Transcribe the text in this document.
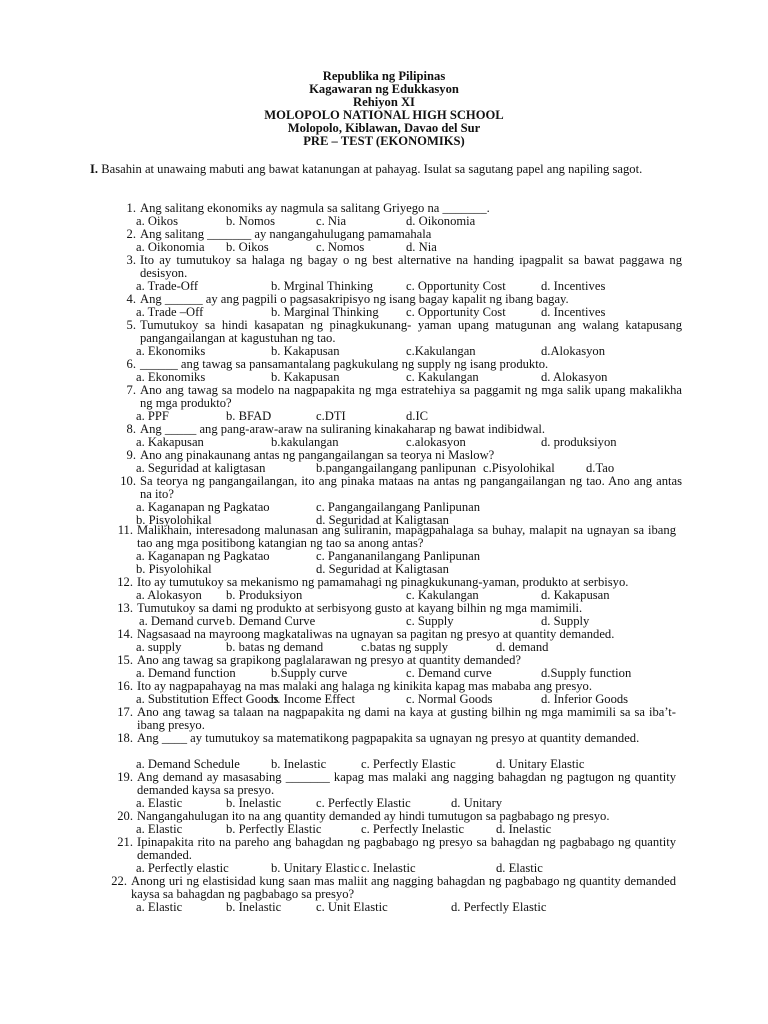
Republika ng Pilipinas
Kagawaran ng Edukkasyon
Rehiyon XI
MOLOPOLO NATIONAL HIGH SCHOOL
Molopolo, Kiblawan, Davao del Sur
PRE – TEST (EKONOMIKS)
I. Basahin at unawaing mabuti ang bawat katanungan at pahayag. Isulat sa sagutang papel ang napiling sagot.
1. Ang salitang ekonomiks ay nagmula sa salitang Griyego na _______.
a. Oikos	b. Nomos	c. Nia	d. Oikonomia
2. Ang salitang _______ ay nangangahulugang pamamahala
a. Oikonomia b. Oikos	c. Nomos	d. Nia
3. Ito ay tumutukoy sa halaga ng bagay o ng best alternative na handing ipagpalit sa bawat paggawa ng desisyon.
a. Trade-Off	b. Mrginal Thinking	c. Opportunity Cost	d. Incentives
4. Ang ______ ay ang pagpili o pagsasakripisyo ng isang bagay kapalit ng ibang bagay.
a. Trade –Off	b. Marginal Thinking c. Opportunity Cost	d. Incentives
5. Tumutukoy sa hindi kasapatan ng pinagkukunang- yaman upang matugunan ang walang katapusang pangangailangan at kagustuhan ng tao.
a. Ekonomiks	b. Kakapusan	c.Kakulangan	d.Alokasyon
6. ______ ang tawag sa pansamantalang pagkukulang ng supply ng isang produkto.
a. Ekonomiks	b. Kakapusan	c. Kakulangan	d. Alokasyon
7. Ano ang tawag sa modelo na nagpapakita ng mga estratehiya sa paggamit ng mga salik upang makalikha ng mga produkto?
a. PPF	b. BFAD	c.DTI	d.IC
8. Ang _____ ang pang-araw-araw na suliraning kinakaharap ng bawat indibidwal.
a. Kakapusan	b.kakulangan	c.alokasyon	d. produksiyon
9. Ano ang pinakaunang antas ng pangangailangan sa teorya ni Maslow?
a. Seguridad at kaligtasan	b.pangangailangang panlipunan c.Pisyolohikal d.Tao
10. Sa teorya ng pangangailangan, ito ang pinaka mataas na antas ng pangangailangan ng tao. Ano ang antas na ito?
a. Kaganapan ng Pagkatao	c. Pangangailangang Panlipunan
b. Pisyolohikal	d. Seguridad at Kaligtasan
11. Malikhain, interesadong malunasan ang suliranin, mapagpahalaga sa buhay, malapit na ugnayan sa ibang tao ang mga positibong katangian ng tao sa anong antas?
a. Kaganapan ng Pagkatao	c. Pangananilangang Panlipunan
b. Pisyolohikal	d. Seguridad at Kaligtasan
12. Ito ay tumutukoy sa mekanismo ng pamamahagi ng pinagkukunang-yaman, produkto at serbisyo.
a. Alokasyon b. Produksiyon	c. Kakulangan	d. Kakapusan
13. Tumutukoy sa dami ng produkto at serbisyong gusto at kayang bilhin ng mga mamimili.
a. Demand curve b. Demand Curve	c. Supply	d. Supply
14. Nagsasaad na mayroong magkataliwas na ugnayan sa pagitan ng presyo at quantity demanded.
a. supply	b. batas ng demand	c.batas ng supply	d. demand
15. Ano ang tawag sa grapikong paglalarawan ng presyo at quantity demanded?
a. Demand function	b.Supply curve	c. Demand curve	d.Supply function
16. Ito ay nagpapahayag na mas malaki ang halaga ng kinikita kapag mas mababa ang presyo.
a. Substitution Effect Goods
b. Income Effect	c. Normal Goods	d. Inferior Goods
17. Ano ang tawag sa talaan na nagpapakita ng dami na kaya at gusting bilhin ng mga mamimili sa sa iba’t-ibang presyo.
18. Ang ____ ay tumutukoy sa matematikong pagpapakita sa ugnayan ng presyo at quantity demanded.
a. Demand Schedule b. Inelastic	c. Perfectly Elastic	d. Unitary Elastic
19. Ang demand ay masasabing _______ kapag mas malaki ang nagging bahagdan ng pagtugon ng quantity demanded kaysa sa presyo.
a. Elastic	b. Inelastic	c. Perfectly Elastic	d. Unitary
20. Nangangahulugan ito na ang quantity demanded ay hindi tumutugon sa pagbabago ng presyo.
a. Elastic	b. Perfectly Elastic	c. Perfectly Inelastic	d. Inelastic
21. Ipinapakita rito na pareho ang bahagdan ng pagbabago ng presyo sa bahagdan ng pagbabago ng quantity demanded.
a. Perfectly elastic	b. Unitary Elastic c. Inelastic	d. Elastic
22. Anong uri ng elastisidad kung saan mas maliit ang nagging bahagdan ng pagbabago ng quantity demanded kaysa sa bahagdan ng pagbabago sa presyo?
a. Elastic	b. Inelastic	c. Unit Elastic	d. Perfectly Elastic
